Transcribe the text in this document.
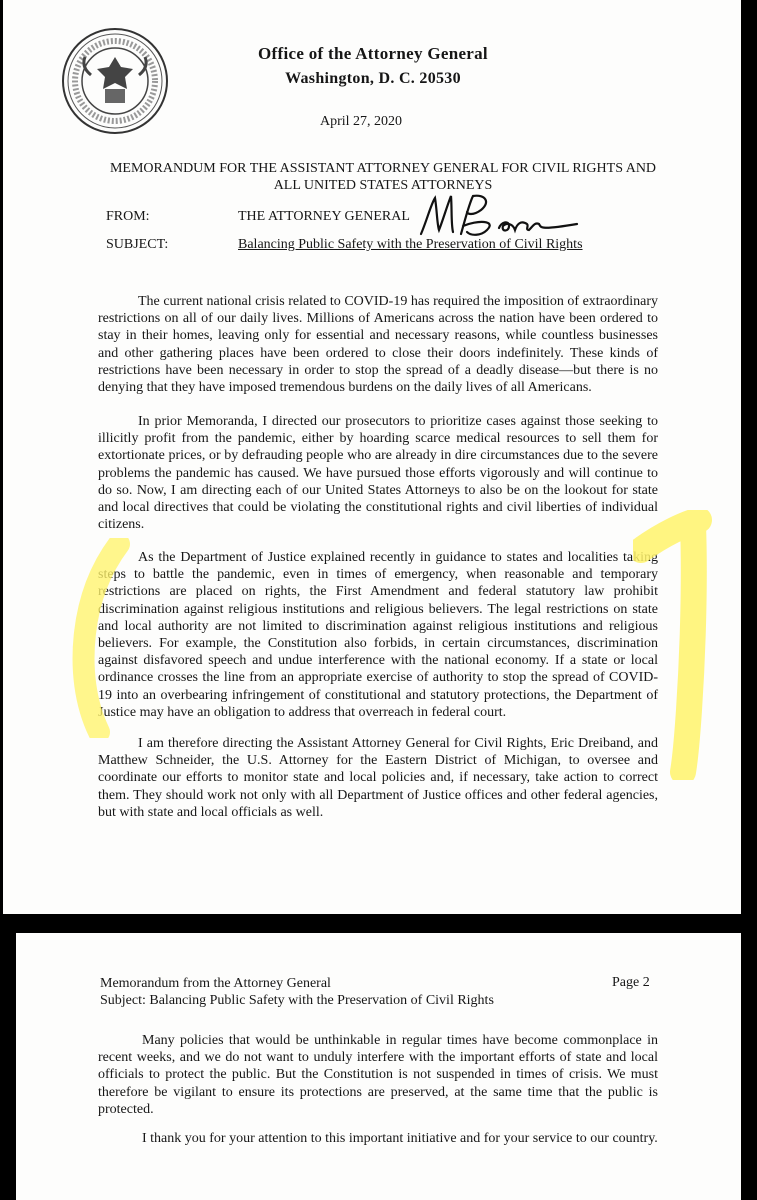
Office of the Attorney General
Washington, D. C. 20530
April 27, 2020
MEMORANDUM FOR THE ASSISTANT ATTORNEY GENERAL FOR CIVIL RIGHTS AND
ALL UNITED STATES ATTORNEYS
FROM:	THE ATTORNEY GENERAL
SUBJECT:	Balancing Public Safety with the Preservation of Civil Rights

The current national crisis related to COVID-19 has required the imposition of extraordinary restrictions on all of our daily lives. Millions of Americans across the nation have been ordered to stay in their homes, leaving only for essential and necessary reasons, while countless businesses and other gathering places have been ordered to close their doors indefinitely. These kinds of restrictions have been necessary in order to stop the spread of a deadly disease—but there is no denying that they have imposed tremendous burdens on the daily lives of all Americans.

In prior Memoranda, I directed our prosecutors to prioritize cases against those seeking to illicitly profit from the pandemic, either by hoarding scarce medical resources to sell them for extortionate prices, or by defrauding people who are already in dire circumstances due to the severe problems the pandemic has caused. We have pursued those efforts vigorously and will continue to do so. Now, I am directing each of our United States Attorneys to also be on the lookout for state and local directives that could be violating the constitutional rights and civil liberties of individual citizens.

As the Department of Justice explained recently in guidance to states and localities taking steps to battle the pandemic, even in times of emergency, when reasonable and temporary restrictions are placed on rights, the First Amendment and federal statutory law prohibit discrimination against religious institutions and religious believers. The legal restrictions on state and local authority are not limited to discrimination against religious institutions and religious believers. For example, the Constitution also forbids, in certain circumstances, discrimination against disfavored speech and undue interference with the national economy. If a state or local ordinance crosses the line from an appropriate exercise of authority to stop the spread of COVID-19 into an overbearing infringement of constitutional and statutory protections, the Department of Justice may have an obligation to address that overreach in federal court.

I am therefore directing the Assistant Attorney General for Civil Rights, Eric Dreiband, and Matthew Schneider, the U.S. Attorney for the Eastern District of Michigan, to oversee and coordinate our efforts to monitor state and local policies and, if necessary, take action to correct them. They should work not only with all Department of Justice offices and other federal agencies, but with state and local officials as well.

Memorandum from the Attorney General
Subject: Balancing Public Safety with the Preservation of Civil Rights
Page 2

Many policies that would be unthinkable in regular times have become commonplace in recent weeks, and we do not want to unduly interfere with the important efforts of state and local officials to protect the public. But the Constitution is not suspended in times of crisis. We must therefore be vigilant to ensure its protections are preserved, at the same time that the public is protected.

I thank you for your attention to this important initiative and for your service to our country.
